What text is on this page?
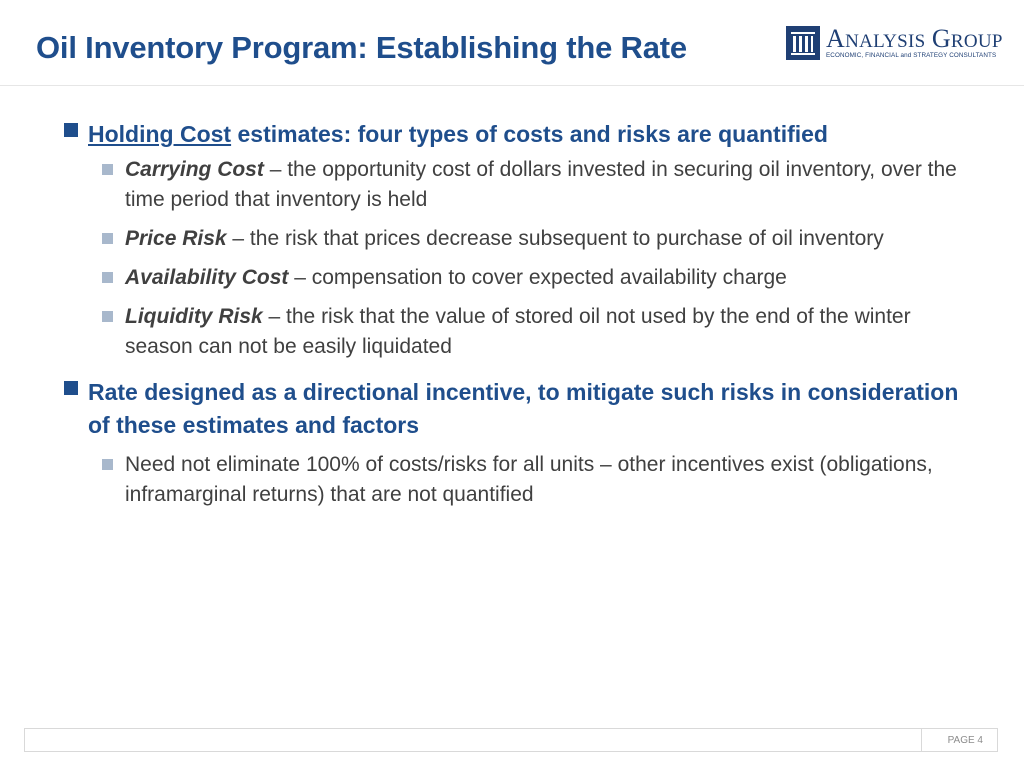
Oil Inventory Program: Establishing the Rate	ANALYSIS GROUP
ECONOMIC, FINANCIAL and STRATEGY CONSULTANTS
Holding Cost estimates: four types of costs and risks are quantified
Carrying Cost – the opportunity cost of dollars invested in securing oil inventory, over the time period that inventory is held
Price Risk – the risk that prices decrease subsequent to purchase of oil inventory
Availability Cost – compensation to cover expected availability charge
Liquidity Risk – the risk that the value of stored oil not used by the end of the winter season can not be easily liquidated
Rate designed as a directional incentive, to mitigate such risks in consideration of these estimates and factors
Need not eliminate 100% of costs/risks for all units – other incentives exist (obligations, inframarginal returns) that are not quantified
PAGE 4
